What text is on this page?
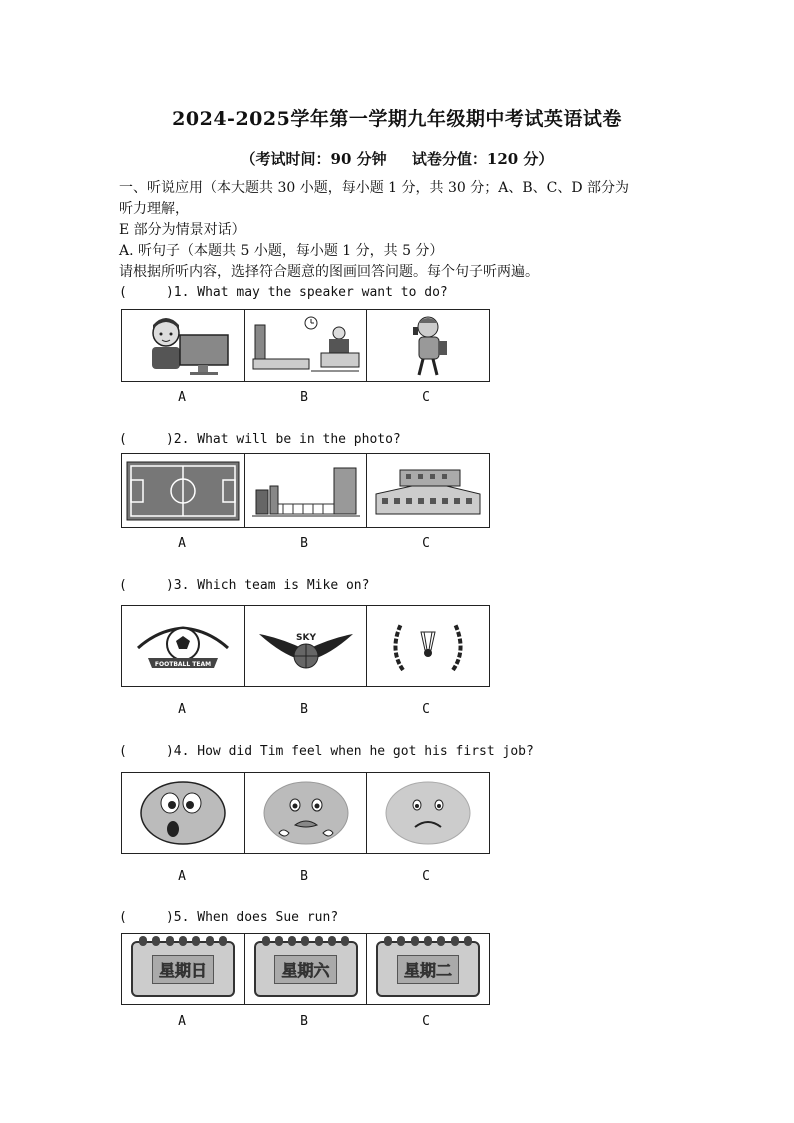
2024-2025学年第一学期九年级期中考试英语试卷
（考试时间：90 分钟 试卷分值：120 分）
一、听说应用（本大题共 30 小题，每小题 1 分，共 30 分；A、B、C、D 部分为
听力理解，
E 部分为情景对话）
A. 听句子（本题共 5 小题，每小题 1 分，共 5 分）
请根据所听内容，选择符合题意的图画回答问题。每个句子听两遍。
(     )1. What may the speaker want to do?
A	B	C
(     )2. What will be in the photo?
A	B	C
(     )3. Which team is Mike on?
FOOTBALL TEAM
SKY
A	B	C
(     )4. How did Tim feel when he got his first job?
A	B	C
(     )5. When does Sue run?
星期日	星期六	星期二
A	B	C
